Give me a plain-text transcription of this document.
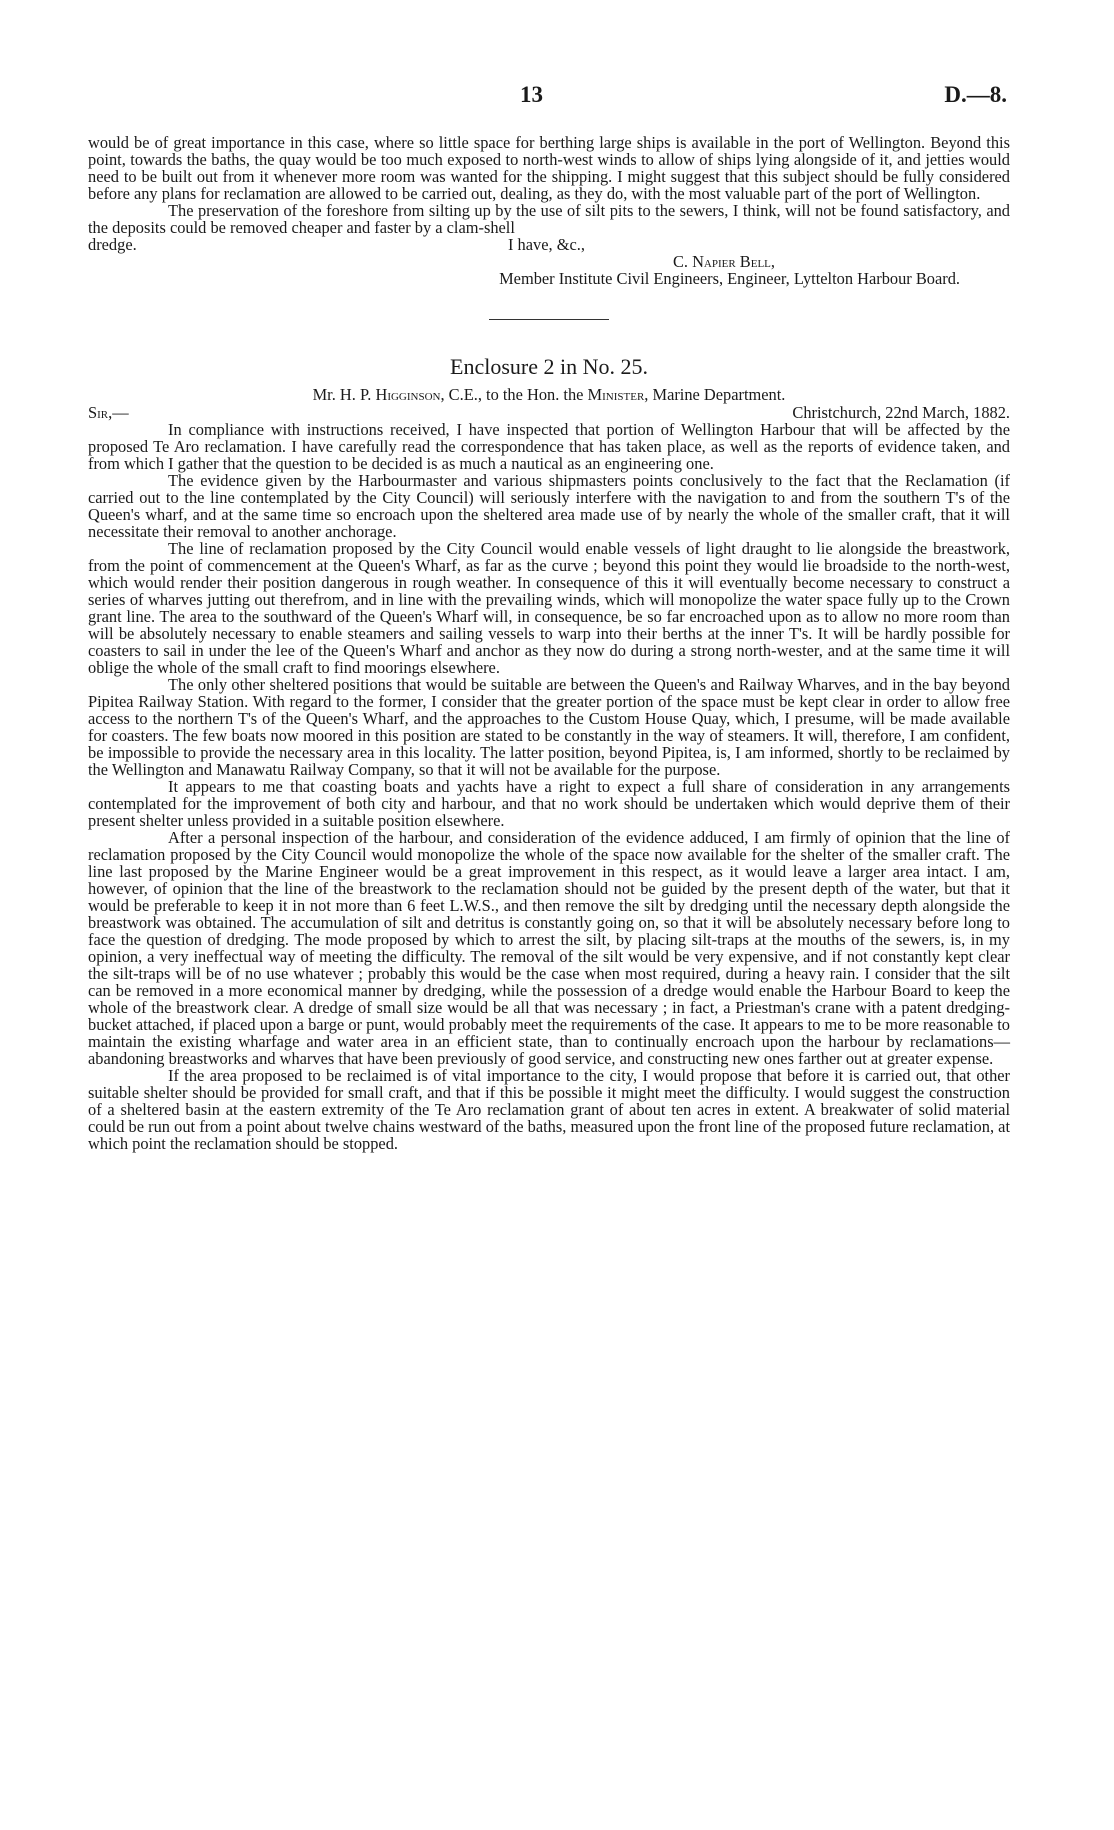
13	D.—8.

would be of great importance in this case, where so little space for berthing large ships is available in the port of Wellington. Beyond this point, towards the baths, the quay would be too much exposed to north-west winds to allow of ships lying alongside of it, and jetties would need to be built out from it whenever more room was wanted for the shipping. I might suggest that this subject should be fully considered before any plans for reclamation are allowed to be carried out, dealing, as they do, with the most valuable part of the port of Wellington.

The preservation of the foreshore from silting up by the use of silt pits to the sewers, I think, will not be found satisfactory, and the deposits could be removed cheaper and faster by a clam-shell

dredge.	I have, &c.,
C. Napier Bell,
Member Institute Civil Engineers, Engineer, Lyttelton Harbour Board.
Enclosure 2 in No. 25.
Mr. H. P. Higginson, C.E., to the Hon. the Minister, Marine Department.
Sir,—	Christchurch, 22nd March, 1882.

In compliance with instructions received, I have inspected that portion of Wellington Harbour that will be affected by the proposed Te Aro reclamation. I have carefully read the correspondence that has taken place, as well as the reports of evidence taken, and from which I gather that the question to be decided is as much a nautical as an engineering one.

The evidence given by the Harbourmaster and various shipmasters points conclusively to the fact that the Reclamation (if carried out to the line contemplated by the City Council) will seriously interfere with the navigation to and from the southern T's of the Queen's wharf, and at the same time so encroach upon the sheltered area made use of by nearly the whole of the smaller craft, that it will necessitate their removal to another anchorage.

The line of reclamation proposed by the City Council would enable vessels of light draught to lie alongside the breastwork, from the point of commencement at the Queen's Wharf, as far as the curve ; beyond this point they would lie broadside to the north-west, which would render their position dangerous in rough weather. In consequence of this it will eventually become necessary to construct a series of wharves jutting out therefrom, and in line with the prevailing winds, which will monopolize the water space fully up to the Crown grant line. The area to the southward of the Queen's Wharf will, in consequence, be so far encroached upon as to allow no more room than will be absolutely necessary to enable steamers and sailing vessels to warp into their berths at the inner T's. It will be hardly possible for coasters to sail in under the lee of the Queen's Wharf and anchor as they now do during a strong north-wester, and at the same time it will oblige the whole of the small craft to find moorings elsewhere.

The only other sheltered positions that would be suitable are between the Queen's and Railway Wharves, and in the bay beyond Pipitea Railway Station. With regard to the former, I consider that the greater portion of the space must be kept clear in order to allow free access to the northern T's of the Queen's Wharf, and the approaches to the Custom House Quay, which, I presume, will be made available for coasters. The few boats now moored in this position are stated to be constantly in the way of steamers. It will, therefore, I am confident, be impossible to provide the necessary area in this locality. The latter position, beyond Pipitea, is, I am informed, shortly to be reclaimed by the Wellington and Manawatu Railway Company, so that it will not be available for the purpose.

It appears to me that coasting boats and yachts have a right to expect a full share of consideration in any arrangements contemplated for the improvement of both city and harbour, and that no work should be undertaken which would deprive them of their present shelter unless provided in a suitable position elsewhere.

After a personal inspection of the harbour, and consideration of the evidence adduced, I am firmly of opinion that the line of reclamation proposed by the City Council would monopolize the whole of the space now available for the shelter of the smaller craft. The line last proposed by the Marine Engineer would be a great improvement in this respect, as it would leave a larger area intact. I am, however, of opinion that the line of the breastwork to the reclamation should not be guided by the present depth of the water, but that it would be preferable to keep it in not more than 6 feet L.W.S., and then remove the silt by dredging until the necessary depth alongside the breastwork was obtained. The accumulation of silt and detritus is constantly going on, so that it will be absolutely necessary before long to face the question of dredging. The mode proposed by which to arrest the silt, by placing silt-traps at the mouths of the sewers, is, in my opinion, a very ineffectual way of meeting the difficulty. The removal of the silt would be very expensive, and if not constantly kept clear the silt-traps will be of no use whatever ; probably this would be the case when most required, during a heavy rain. I consider that the silt can be removed in a more economical manner by dredging, while the possession of a dredge would enable the Harbour Board to keep the whole of the breastwork clear. A dredge of small size would be all that was necessary ; in fact, a Priestman's crane with a patent dredging-bucket attached, if placed upon a barge or punt, would probably meet the requirements of the case. It appears to me to be more reasonable to maintain the existing wharfage and water area in an efficient state, than to continually encroach upon the harbour by reclamations—abandoning breastworks and wharves that have been previously of good service, and constructing new ones farther out at greater expense.

If the area proposed to be reclaimed is of vital importance to the city, I would propose that before it is carried out, that other suitable shelter should be provided for small craft, and that if this be possible it might meet the difficulty. I would suggest the construction of a sheltered basin at the eastern extremity of the Te Aro reclamation grant of about ten acres in extent. A breakwater of solid material could be run out from a point about twelve chains westward of the baths, measured upon the front line of the proposed future reclamation, at which point the reclamation should be stopped.
